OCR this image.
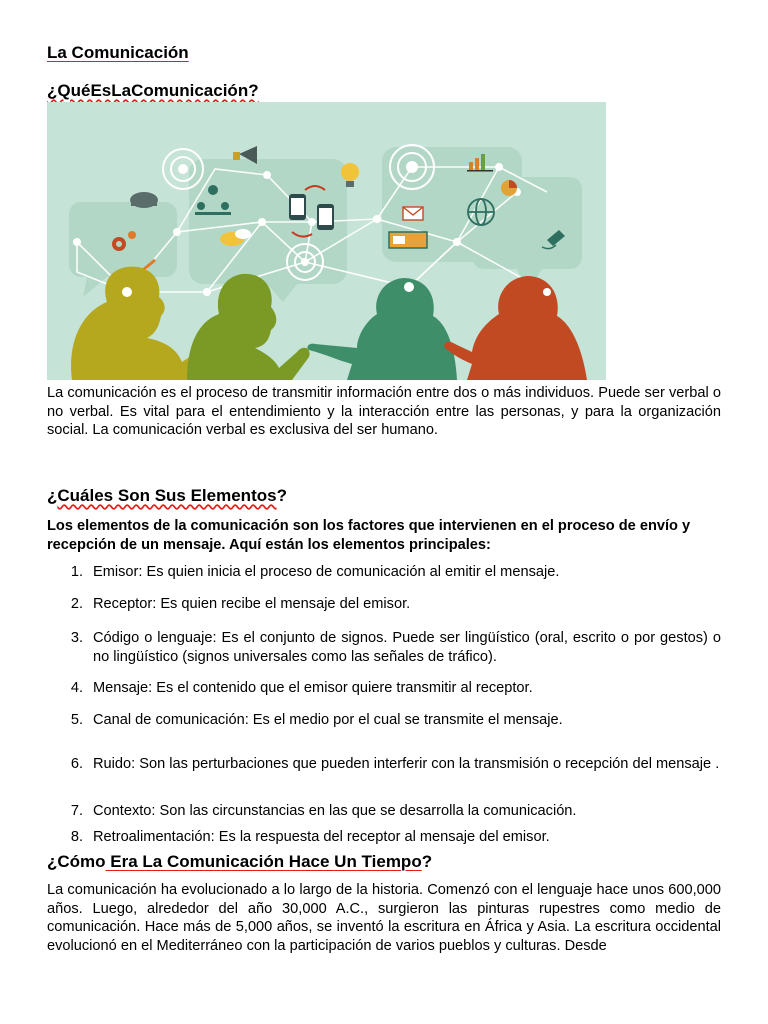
La Comunicación
¿QuéEsLaComunicación?
La comunicación es el proceso de transmitir información entre dos o más individuos. Puede ser verbal o no verbal. Es vital para el entendimiento y la interacción entre las personas, y para la organización social. La comunicación verbal es exclusiva del ser humano.
¿Cuáles Son Sus Elementos?
Los elementos de la comunicación son los factores que intervienen en el proceso de envío y recepción de un mensaje. Aquí están los elementos principales:
1. Emisor: Es quien inicia el proceso de comunicación al emitir el mensaje.
2. Receptor: Es quien recibe el mensaje del emisor.
3. Código o lenguaje: Es el conjunto de signos. Puede ser lingüístico (oral, escrito o por gestos) o no lingüístico (signos universales como las señales de tráfico).
4. Mensaje: Es el contenido que el emisor quiere transmitir al receptor.
5. Canal de comunicación: Es el medio por el cual se transmite el mensaje.
6. Ruido: Son las perturbaciones que pueden interferir con la transmisión o recepción del mensaje .
7. Contexto: Son las circunstancias en las que se desarrolla la comunicación.
8. Retroalimentación: Es la respuesta del receptor al mensaje del emisor.
¿Cómo Era La Comunicación Hace Un Tiempo?
La comunicación ha evolucionado a lo largo de la historia. Comenzó con el lenguaje hace unos 600,000 años. Luego, alrededor del año 30,000 A.C., surgieron las pinturas rupestres como medio de comunicación. Hace más de 5,000 años, se inventó la escritura en África y Asia. La escritura occidental evolucionó en el Mediterráneo con la participación de varios pueblos y culturas. Desde
